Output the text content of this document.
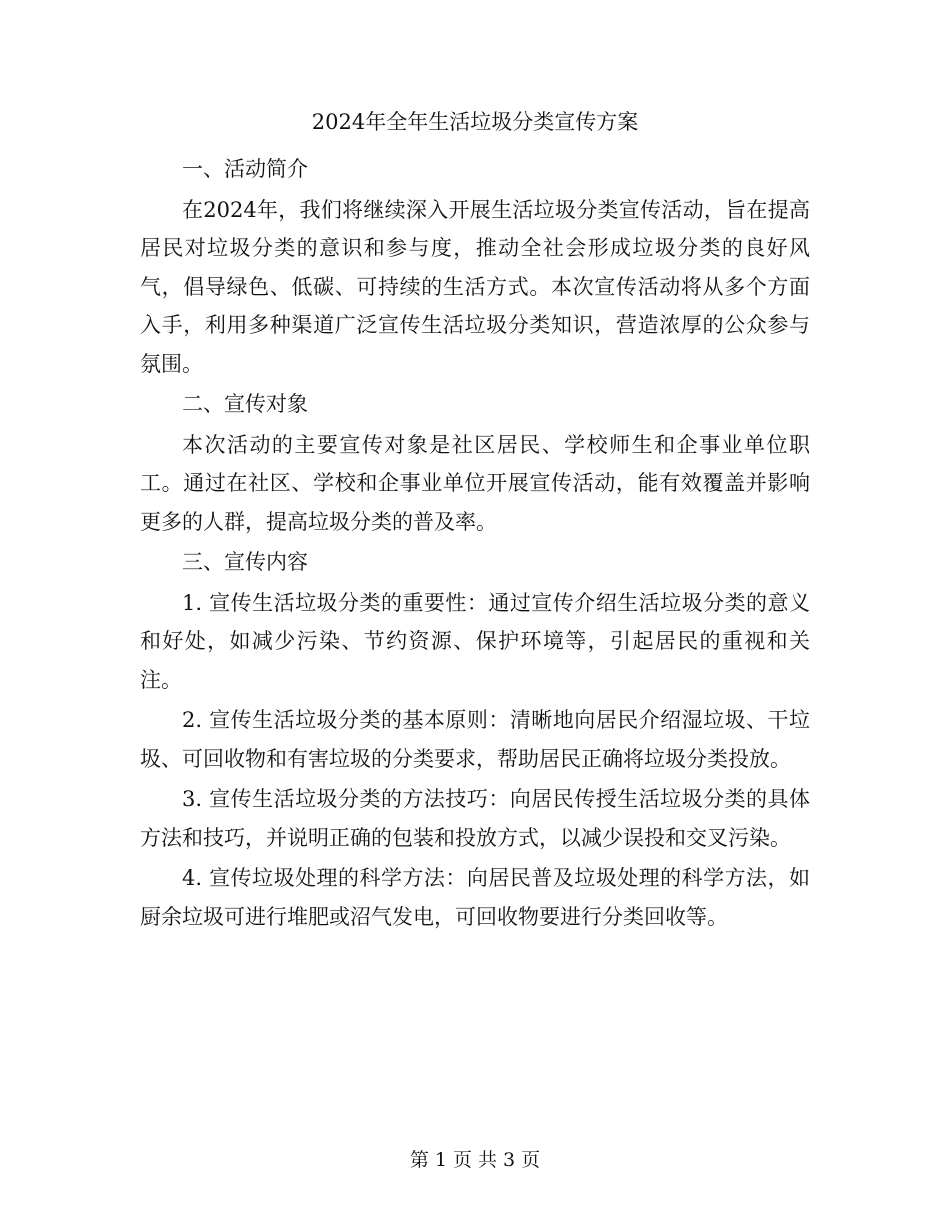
2024年全年生活垃圾分类宣传方案

一、活动简介

在2024年，我们将继续深入开展生活垃圾分类宣传活动，旨在提高居民对垃圾分类的意识和参与度，推动全社会形成垃圾分类的良好风气，倡导绿色、低碳、可持续的生活方式。本次宣传活动将从多个方面入手，利用多种渠道广泛宣传生活垃圾分类知识，营造浓厚的公众参与氛围。

二、宣传对象

本次活动的主要宣传对象是社区居民、学校师生和企事业单位职工。通过在社区、学校和企事业单位开展宣传活动，能有效覆盖并影响更多的人群，提高垃圾分类的普及率。

三、宣传内容

1. 宣传生活垃圾分类的重要性：通过宣传介绍生活垃圾分类的意义和好处，如减少污染、节约资源、保护环境等，引起居民的重视和关注。

2. 宣传生活垃圾分类的基本原则：清晰地向居民介绍湿垃圾、干垃圾、可回收物和有害垃圾的分类要求，帮助居民正确将垃圾分类投放。

3. 宣传生活垃圾分类的方法技巧：向居民传授生活垃圾分类的具体方法和技巧，并说明正确的包装和投放方式，以减少误投和交叉污染。

4. 宣传垃圾处理的科学方法：向居民普及垃圾处理的科学方法，如厨余垃圾可进行堆肥或沼气发电，可回收物要进行分类回收等。

第 1 页 共 3 页
